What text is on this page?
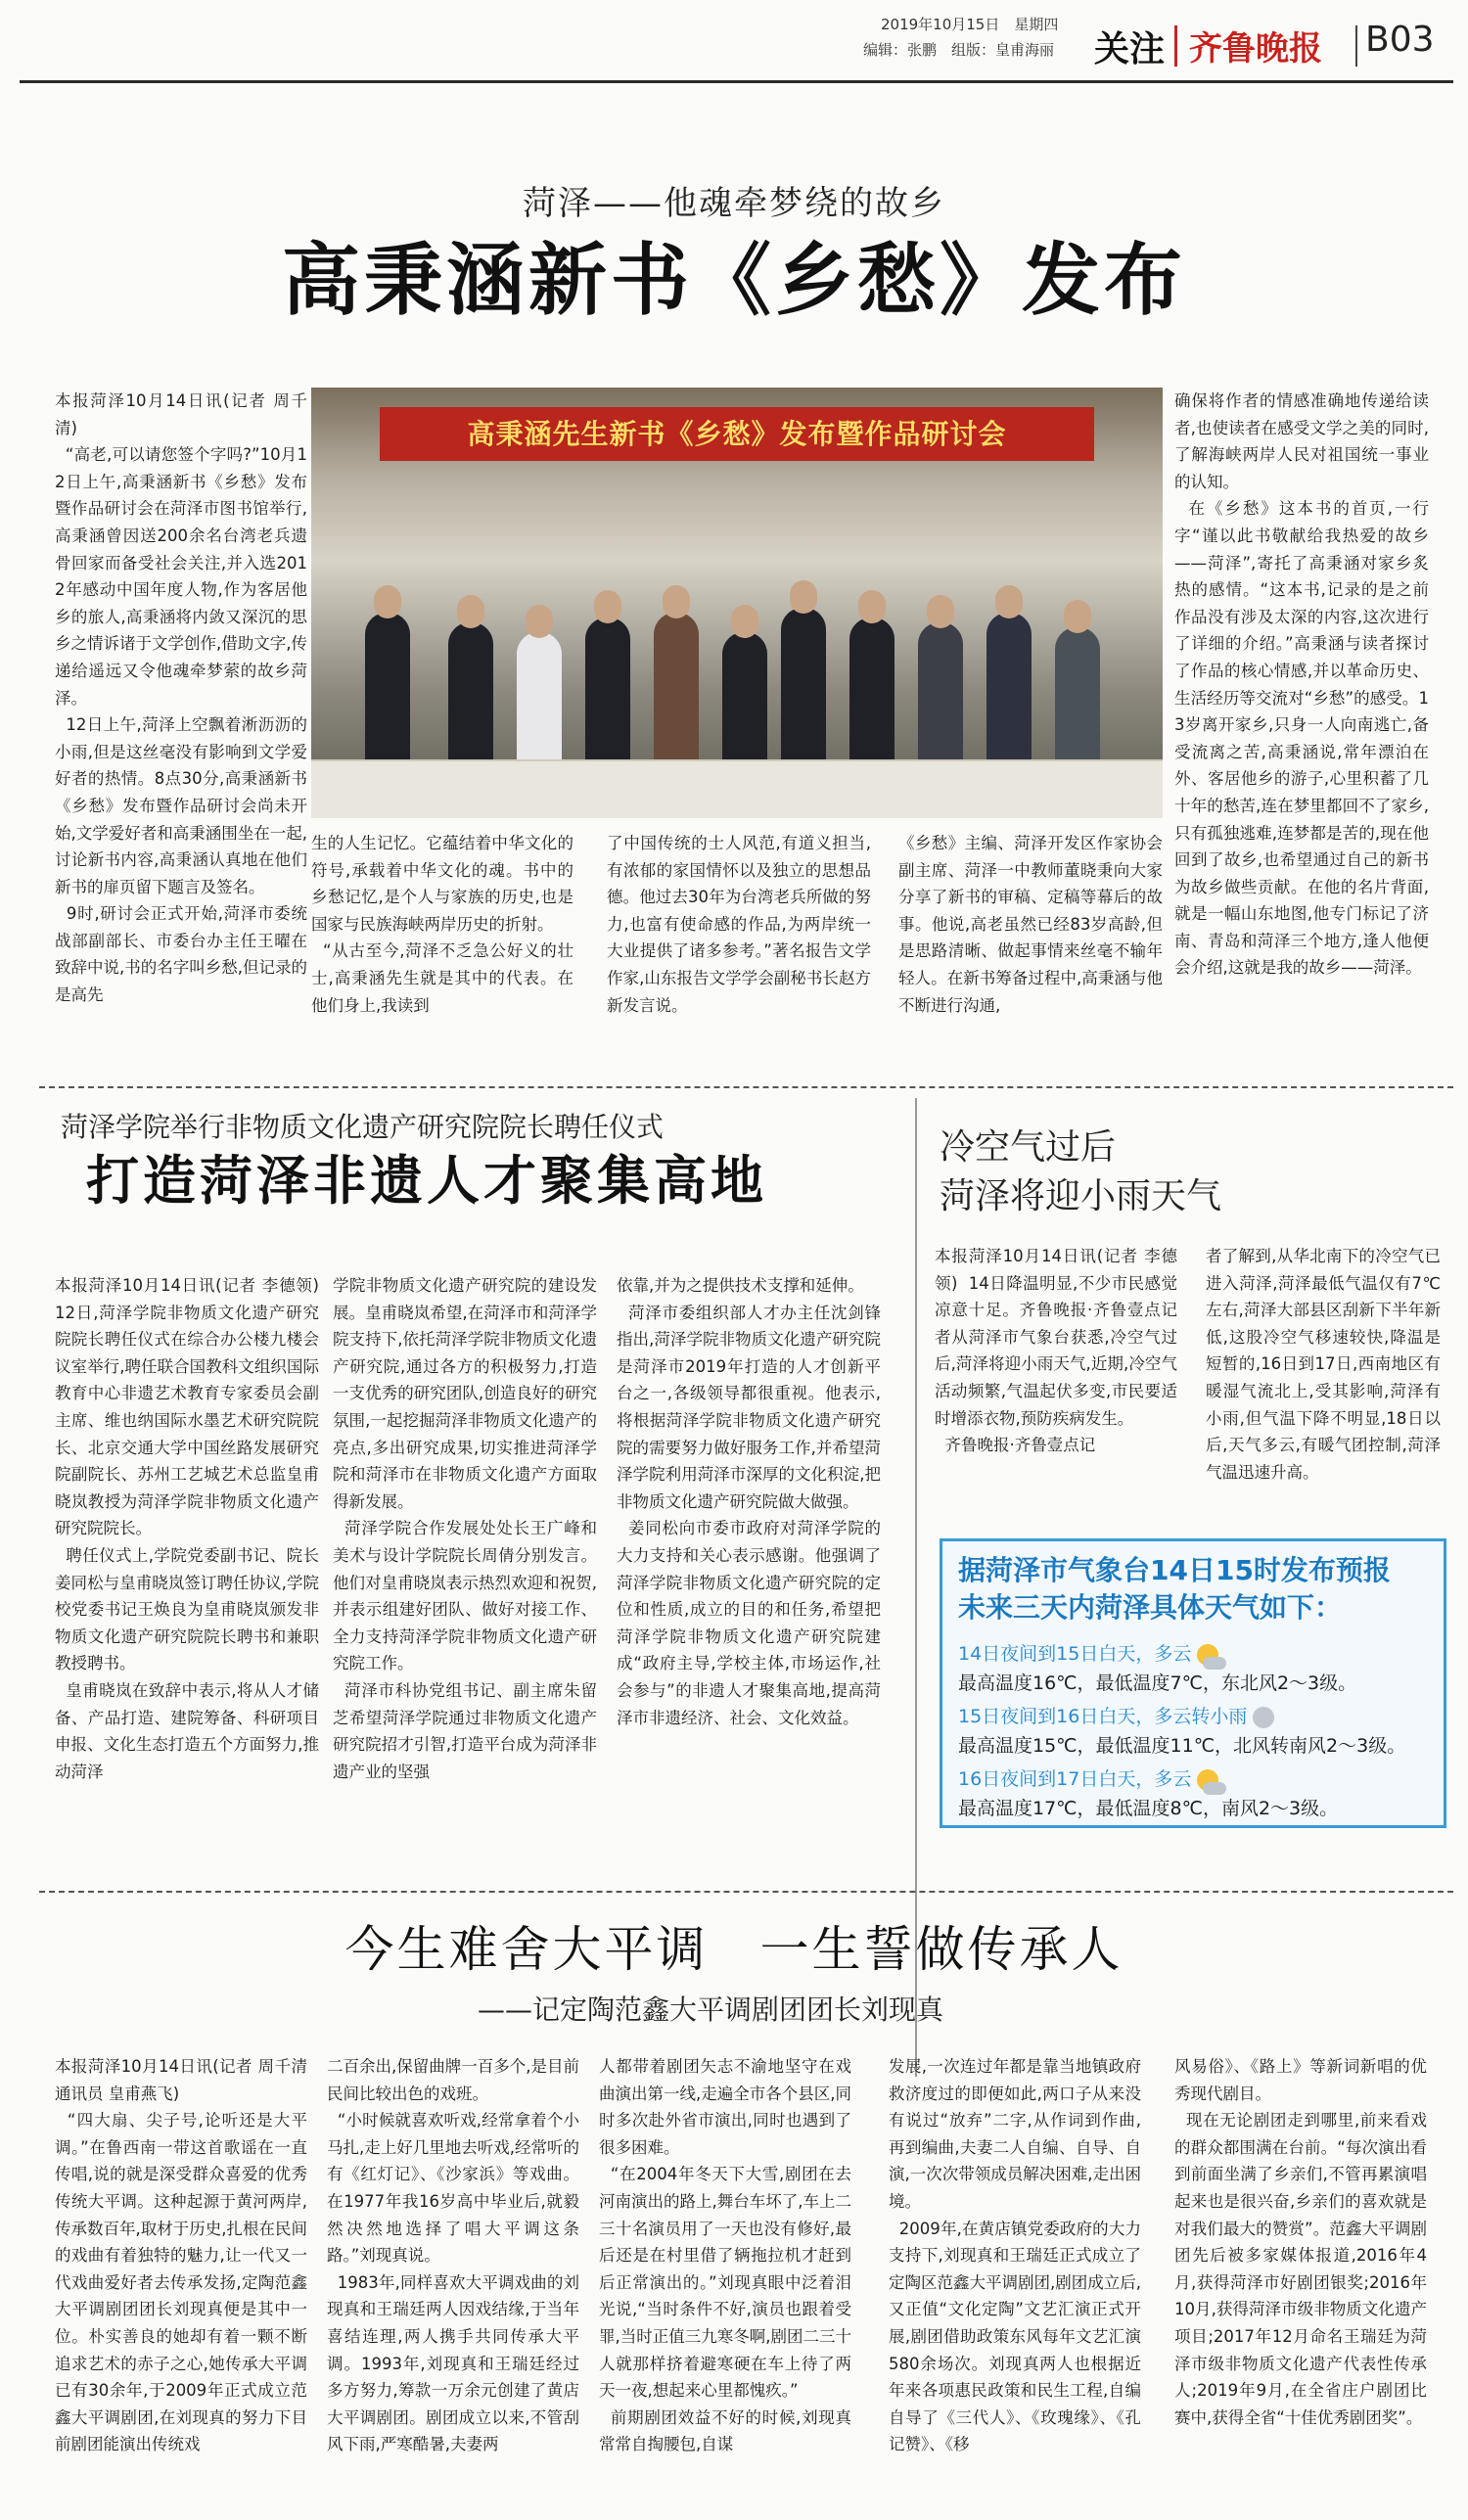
2019年10月15日　 星期四
编辑：张鹏　 组版：皇甫海丽 关注 齐鲁晚报 B03
菏泽——他魂牵梦绕的故乡
高秉涵新书《乡愁》发布
本报菏泽10月14日讯(记者 周千清)
“高老,可以请您签个字吗?”10月12日上午,高秉涵新书《乡愁》发布暨作品研讨会在菏泽市图书馆举行,高秉涵曾因送200余名台湾老兵遗骨回家而备受社会关注,并入选2012年感动中国年度人物,作为客居他乡的旅人,高秉涵将内敛又深沉的思乡之情诉诸于文学创作,借助文字,传递给遥远又令他魂牵梦萦的故乡菏泽。
12日上午,菏泽上空飘着淅沥沥的小雨,但是这丝毫没有影响到文学爱好者的热情。8点30分,高秉涵新书《乡愁》发布暨作品研讨会尚未开始,文学爱好者和高秉涵围坐在一起,讨论新书内容,高秉涵认真地在他们新书的扉页留下题言及签名。
9时,研讨会正式开始,菏泽市委统战部副部长、市委台办主任王曜在致辞中说,书的名字叫乡愁,但记录的是高先
高秉涵先生新书《乡愁》发布暨作品研讨会
确保将作者的情感准确地传递给读者,也使读者在感受文学之美的同时,了解海峡两岸人民对祖国统一事业的认知。
在《乡愁》这本书的首页,一行字“谨以此书敬献给我热爱的故乡——菏泽”,寄托了高秉涵对家乡炙热的感情。“这本书,记录的是之前作品没有涉及太深的内容,这次进行了详细的介绍。”高秉涵与读者探讨了作品的核心情感,并以革命历史、生活经历等交流对“乡愁”的感受。13岁离开家乡,只身一人向南逃亡,备受流离之苦,高秉涵说,常年漂泊在外、客居他乡的游子,心里积蓄了几十年的愁苦,连在梦里都回不了家乡,只有孤独逃难,连梦都是苦的,现在他回到了故乡,也希望通过自己的新书为故乡做些贡献。在他的名片背面,就是一幅山东地图,他专门标记了济南、青岛和菏泽三个地方,逢人他便会介绍,这就是我的故乡——菏泽。
生的人生记忆。它蕴结着中华文化的符号,承载着中华文化的魂。书中的乡愁记忆,是个人与家族的历史,也是国家与民族海峡两岸历史的折射。
“从古至今,菏泽不乏急公好义的壮士,高秉涵先生就是其中的代表。在他们身上,我读到
了中国传统的士人风范,有道义担当,有浓郁的家国情怀以及独立的思想品德。他过去30年为台湾老兵所做的努力,也富有使命感的作品,为两岸统一大业提供了诸多参考。”著名报告文学作家,山东报告文学学会副秘书长赵方新发言说。
《乡愁》主编、菏泽开发区作家协会副主席、菏泽一中教师董晓秉向大家分享了新书的审稿、定稿等幕后的故事。他说,高老虽然已经83岁高龄,但是思路清晰、做起事情来丝毫不输年轻人。在新书筹备过程中,高秉涵与他不断进行沟通,
菏泽学院举行非物质文化遗产研究院院长聘任仪式
打造菏泽非遗人才聚集高地
本报菏泽10月14日讯(记者 李德领)  12日,菏泽学院非物质文化遗产研究院院长聘任仪式在综合办公楼九楼会议室举行,聘任联合国教科文组织国际教育中心非遗艺术教育专家委员会副主席、维也纳国际水墨艺术研究院院长、北京交通大学中国丝路发展研究院副院长、苏州工艺城艺术总监皇甫晓岚教授为菏泽学院非物质文化遗产研究院院长。
聘任仪式上,学院党委副书记、院长姜同松与皇甫晓岚签订聘任协议,学院校党委书记王焕良为皇甫晓岚颁发非物质文化遗产研究院院长聘书和兼职教授聘书。
皇甫晓岚在致辞中表示,将从人才储备、产品打造、建院筹备、科研项目申报、文化生态打造五个方面努力,推动菏泽
学院非物质文化遗产研究院的建设发展。皇甫晓岚希望,在菏泽市和菏泽学院支持下,依托菏泽学院非物质文化遗产研究院,通过各方的积极努力,打造一支优秀的研究团队,创造良好的研究氛围,一起挖掘菏泽非物质文化遗产的亮点,多出研究成果,切实推进菏泽学院和菏泽市在非物质文化遗产方面取得新发展。
菏泽学院合作发展处处长王广峰和美术与设计学院院长周倩分别发言。他们对皇甫晓岚表示热烈欢迎和祝贺,并表示组建好团队、做好对接工作、全力支持菏泽学院非物质文化遗产研究院工作。
菏泽市科协党组书记、副主席朱留芝希望菏泽学院通过非物质文化遗产研究院招才引智,打造平台成为菏泽非遗产业的坚强
依靠,并为之提供技术支撑和延伸。
菏泽市委组织部人才办主任沈剑锋指出,菏泽学院非物质文化遗产研究院是菏泽市2019年打造的人才创新平台之一,各级领导都很重视。他表示,将根据菏泽学院非物质文化遗产研究院的需要努力做好服务工作,并希望菏泽学院利用菏泽市深厚的文化积淀,把非物质文化遗产研究院做大做强。
姜同松向市委市政府对菏泽学院的大力支持和关心表示感谢。他强调了菏泽学院非物质文化遗产研究院的定位和性质,成立的目的和任务,希望把菏泽学院非物质文化遗产研究院建成“政府主导,学校主体,市场运作,社会参与”的非遗人才聚集高地,提高菏泽市非遗经济、社会、文化效益。
冷空气过后
菏泽将迎小雨天气
本报菏泽10月14日讯(记者 李德领)  14日降温明显,不少市民感觉凉意十足。齐鲁晚报·齐鲁壹点记者从菏泽市气象台获悉,冷空气过后,菏泽将迎小雨天气,近期,冷空气活动频繁,气温起伏多变,市民要适时增添衣物,预防疾病发生。
齐鲁晚报·齐鲁壹点记
者了解到,从华北南下的冷空气已进入菏泽,菏泽最低气温仅有7℃左右,菏泽大部县区刮新下半年新低,这股冷空气移速较快,降温是短暂的,16日到17日,西南地区有暖湿气流北上,受其影响,菏泽有小雨,但气温下降不明显,18日以后,天气多云,有暖气团控制,菏泽气温迅速升高。
据菏泽市气象台14日15时发布预报
未来三天内菏泽具体天气如下：
14日夜间到15日白天，多云
最高温度16℃，最低温度7℃，东北风2～3级。
15日夜间到16日白天，多云转小雨
最高温度15℃，最低温度11℃，北风转南风2～3级。
16日夜间到17日白天，多云
最高温度17℃，最低温度8℃，南风2～3级。
今生难舍大平调　一生誓做传承人
——记定陶范鑫大平调剧团团长刘现真
本报菏泽10月14日讯(记者 周千清  通讯员 皇甫燕飞)
“四大扇、尖子号,论听还是大平调。”在鲁西南一带这首歌谣在一直传唱,说的就是深受群众喜爱的优秀传统大平调。这种起源于黄河两岸,传承数百年,取材于历史,扎根在民间的戏曲有着独特的魅力,让一代又一代戏曲爱好者去传承发扬,定陶范鑫大平调剧团团长刘现真便是其中一位。朴实善良的她却有着一颗不断追求艺术的赤子之心,她传承大平调已有30余年,于2009年正式成立范鑫大平调剧团,在刘现真的努力下目前剧团能演出传统戏
二百余出,保留曲牌一百多个,是目前民间比较出色的戏班。
“小时候就喜欢听戏,经常拿着个小马扎,走上好几里地去听戏,经常听的有《红灯记》、《沙家浜》等戏曲。在1977年我16岁高中毕业后,就毅然决然地选择了唱大平调这条路。”刘现真说。
1983年,同样喜欢大平调戏曲的刘现真和王瑞廷两人因戏结缘,于当年喜结连理,两人携手共同传承大平调。1993年,刘现真和王瑞廷经过多方努力,筹款一万余元创建了黄店大平调剧团。剧团成立以来,不管刮风下雨,严寒酷暑,夫妻两
人都带着剧团矢志不渝地坚守在戏曲演出第一线,走遍全市各个县区,同时多次赴外省市演出,同时也遇到了很多困难。
“在2004年冬天下大雪,剧团在去河南演出的路上,舞台车坏了,车上二三十名演员用了一天也没有修好,最后还是在村里借了辆拖拉机才赶到后正常演出的。”刘现真眼中泛着泪光说,“当时条件不好,演员也跟着受罪,当时正值三九寒冬啊,剧团二三十人就那样挤着避寒硬在车上待了两天一夜,想起来心里都愧疚。”
前期剧团效益不好的时候,刘现真常常自掏腰包,自谋
发展,一次连过年都是靠当地镇政府救济度过的即便如此,两口子从来没有说过“放弃”二字,从作词到作曲,再到编曲,夫妻二人自编、自导、自演,一次次带领成员解决困难,走出困境。
2009年,在黄店镇党委政府的大力支持下,刘现真和王瑞廷正式成立了定陶区范鑫大平调剧团,剧团成立后,又正值“文化定陶”文艺汇演正式开展,剧团借助政策东风每年文艺汇演580余场次。刘现真两人也根据近年来各项惠民政策和民生工程,自编自导了《三代人》、《玫瑰缘》、《孔记赞》、《移
风易俗》、《路上》等新词新唱的优秀现代剧目。
现在无论剧团走到哪里,前来看戏的群众都围满在台前。“每次演出看到前面坐满了乡亲们,不管再累演唱起来也是很兴奋,乡亲们的喜欢就是对我们最大的赞赏”。范鑫大平调剧团先后被多家媒体报道,2016年4月,获得菏泽市好剧团银奖;2016年10月,获得菏泽市级非物质文化遗产项目;2017年12月命名王瑞廷为菏泽市级非物质文化遗产代表性传承人;2019年9月,在全省庄户剧团比赛中,获得全省“十佳优秀剧团奖”。
